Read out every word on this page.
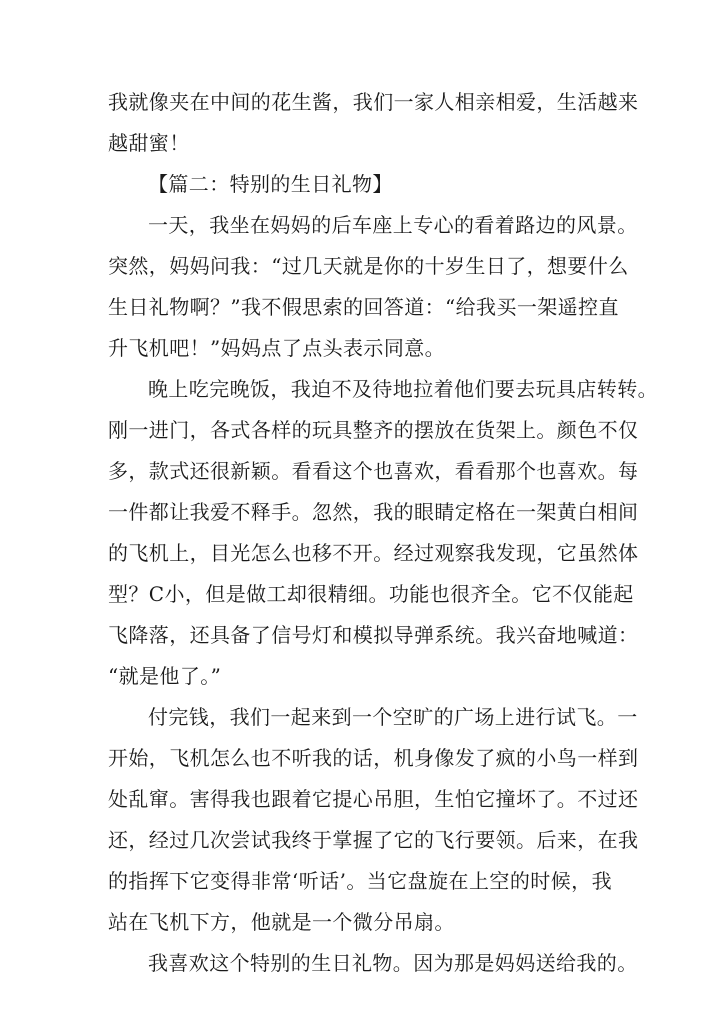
我就像夹在中间的花生酱，我们一家人相亲相爱，生活越来
越甜蜜！
【篇二：特别的生日礼物】
一天，我坐在妈妈的后车座上专心的看着路边的风景。
突然，妈妈问我：“过几天就是你的十岁生日了，想要什么
生日礼物啊？”我不假思索的回答道：“给我买一架遥控直
升飞机吧！”妈妈点了点头表示同意。
晚上吃完晚饭，我迫不及待地拉着他们要去玩具店转转。
刚一进门，各式各样的玩具整齐的摆放在货架上。颜色不仅
多，款式还很新颖。看看这个也喜欢，看看那个也喜欢。每
一件都让我爱不释手。忽然，我的眼睛定格在一架黄白相间
的飞机上，目光怎么也移不开。经过观察我发现，它虽然体
型？C小，但是做工却很精细。功能也很齐全。它不仅能起
飞降落，还具备了信号灯和模拟导弹系统。我兴奋地喊道：
“就是他了。”
付完钱，我们一起来到一个空旷的广场上进行试飞。一
开始，飞机怎么也不听我的话，机身像发了疯的小鸟一样到
处乱窜。害得我也跟着它提心吊胆，生怕它撞坏了。不过还
还，经过几次尝试我终于掌握了它的飞行要领。后来，在我
的指挥下它变得非常‘听话’。当它盘旋在上空的时候，我
站在飞机下方，他就是一个微分吊扇。
我喜欢这个特别的生日礼物。因为那是妈妈送给我的。
